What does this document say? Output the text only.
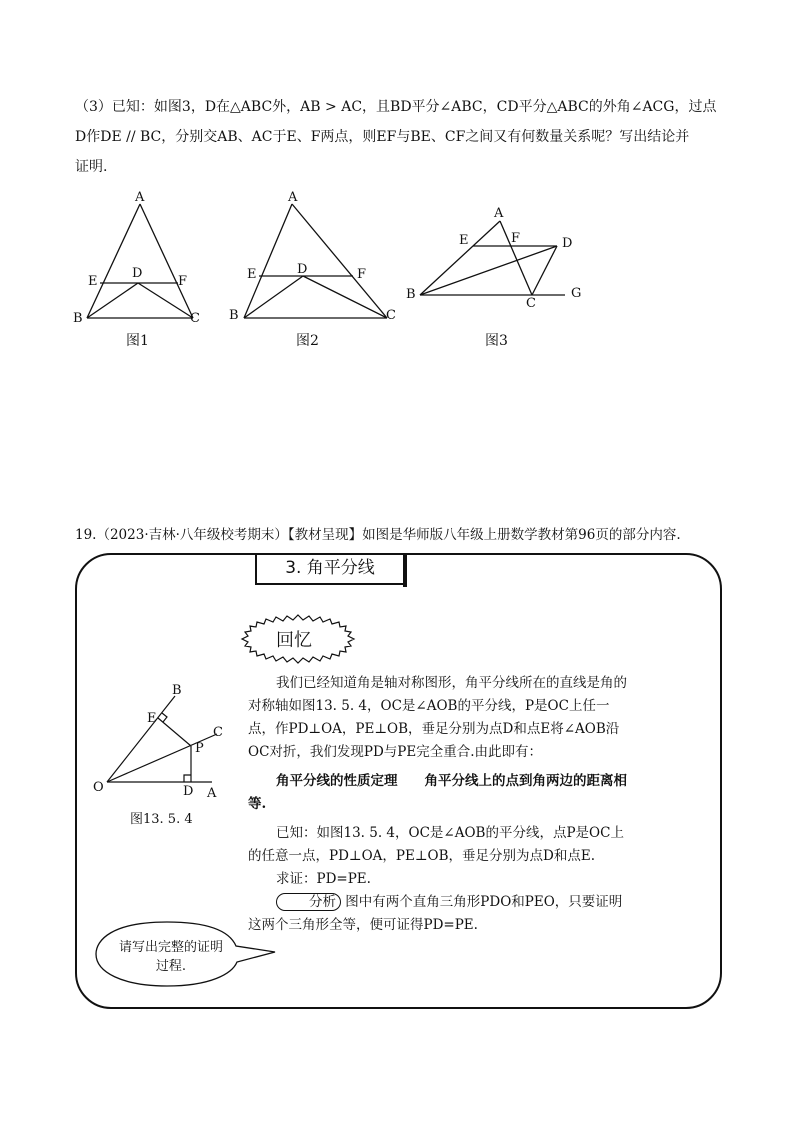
（3）已知：如图3，D在△ABC外，AB > AC，且BD平分∠ABC，CD平分△ABC的外角∠ACG，过点

D作DE // BC，分别交AB、AC于E、F两点，则EF与BE、CF之间又有何数量关系呢？写出结论并

证明.

A
D
E	F
B	C
图1
A
D
E	F
B	C
图2
A
E	F	D
B
C
G
图3
19.（2023·吉林·八年级校考期末）【教材呈现】如图是华师版八年级上册数学教材第96页的部分内容.
3. 角平分线
回忆
B
E
C
P
O	D A
图13. 5. 4

我们已经知道角是轴对称图形，角平分线所在的直线是角的对称轴如图13. 5. 4，OC是∠AOB的平分线，P是OC上任一点，作PD⊥OA，PE⊥OB，垂足分别为点D和点E将∠AOB沿OC对折，我们发现PD与PE完全重合.由此即有：

角平分线的性质定理　　角平分线上的点到角两边的距离相等.

已知：如图13. 5. 4，OC是∠AOB的平分线，点P是OC上的任意一点，PD⊥OA，PE⊥OB，垂足分别为点D和点E.

求证：PD=PE.

分析 图中有两个直角三角形PDO和PEO，只要证明这两个三角形全等，便可证得PD=PE.

请写出完整的证明过程.
